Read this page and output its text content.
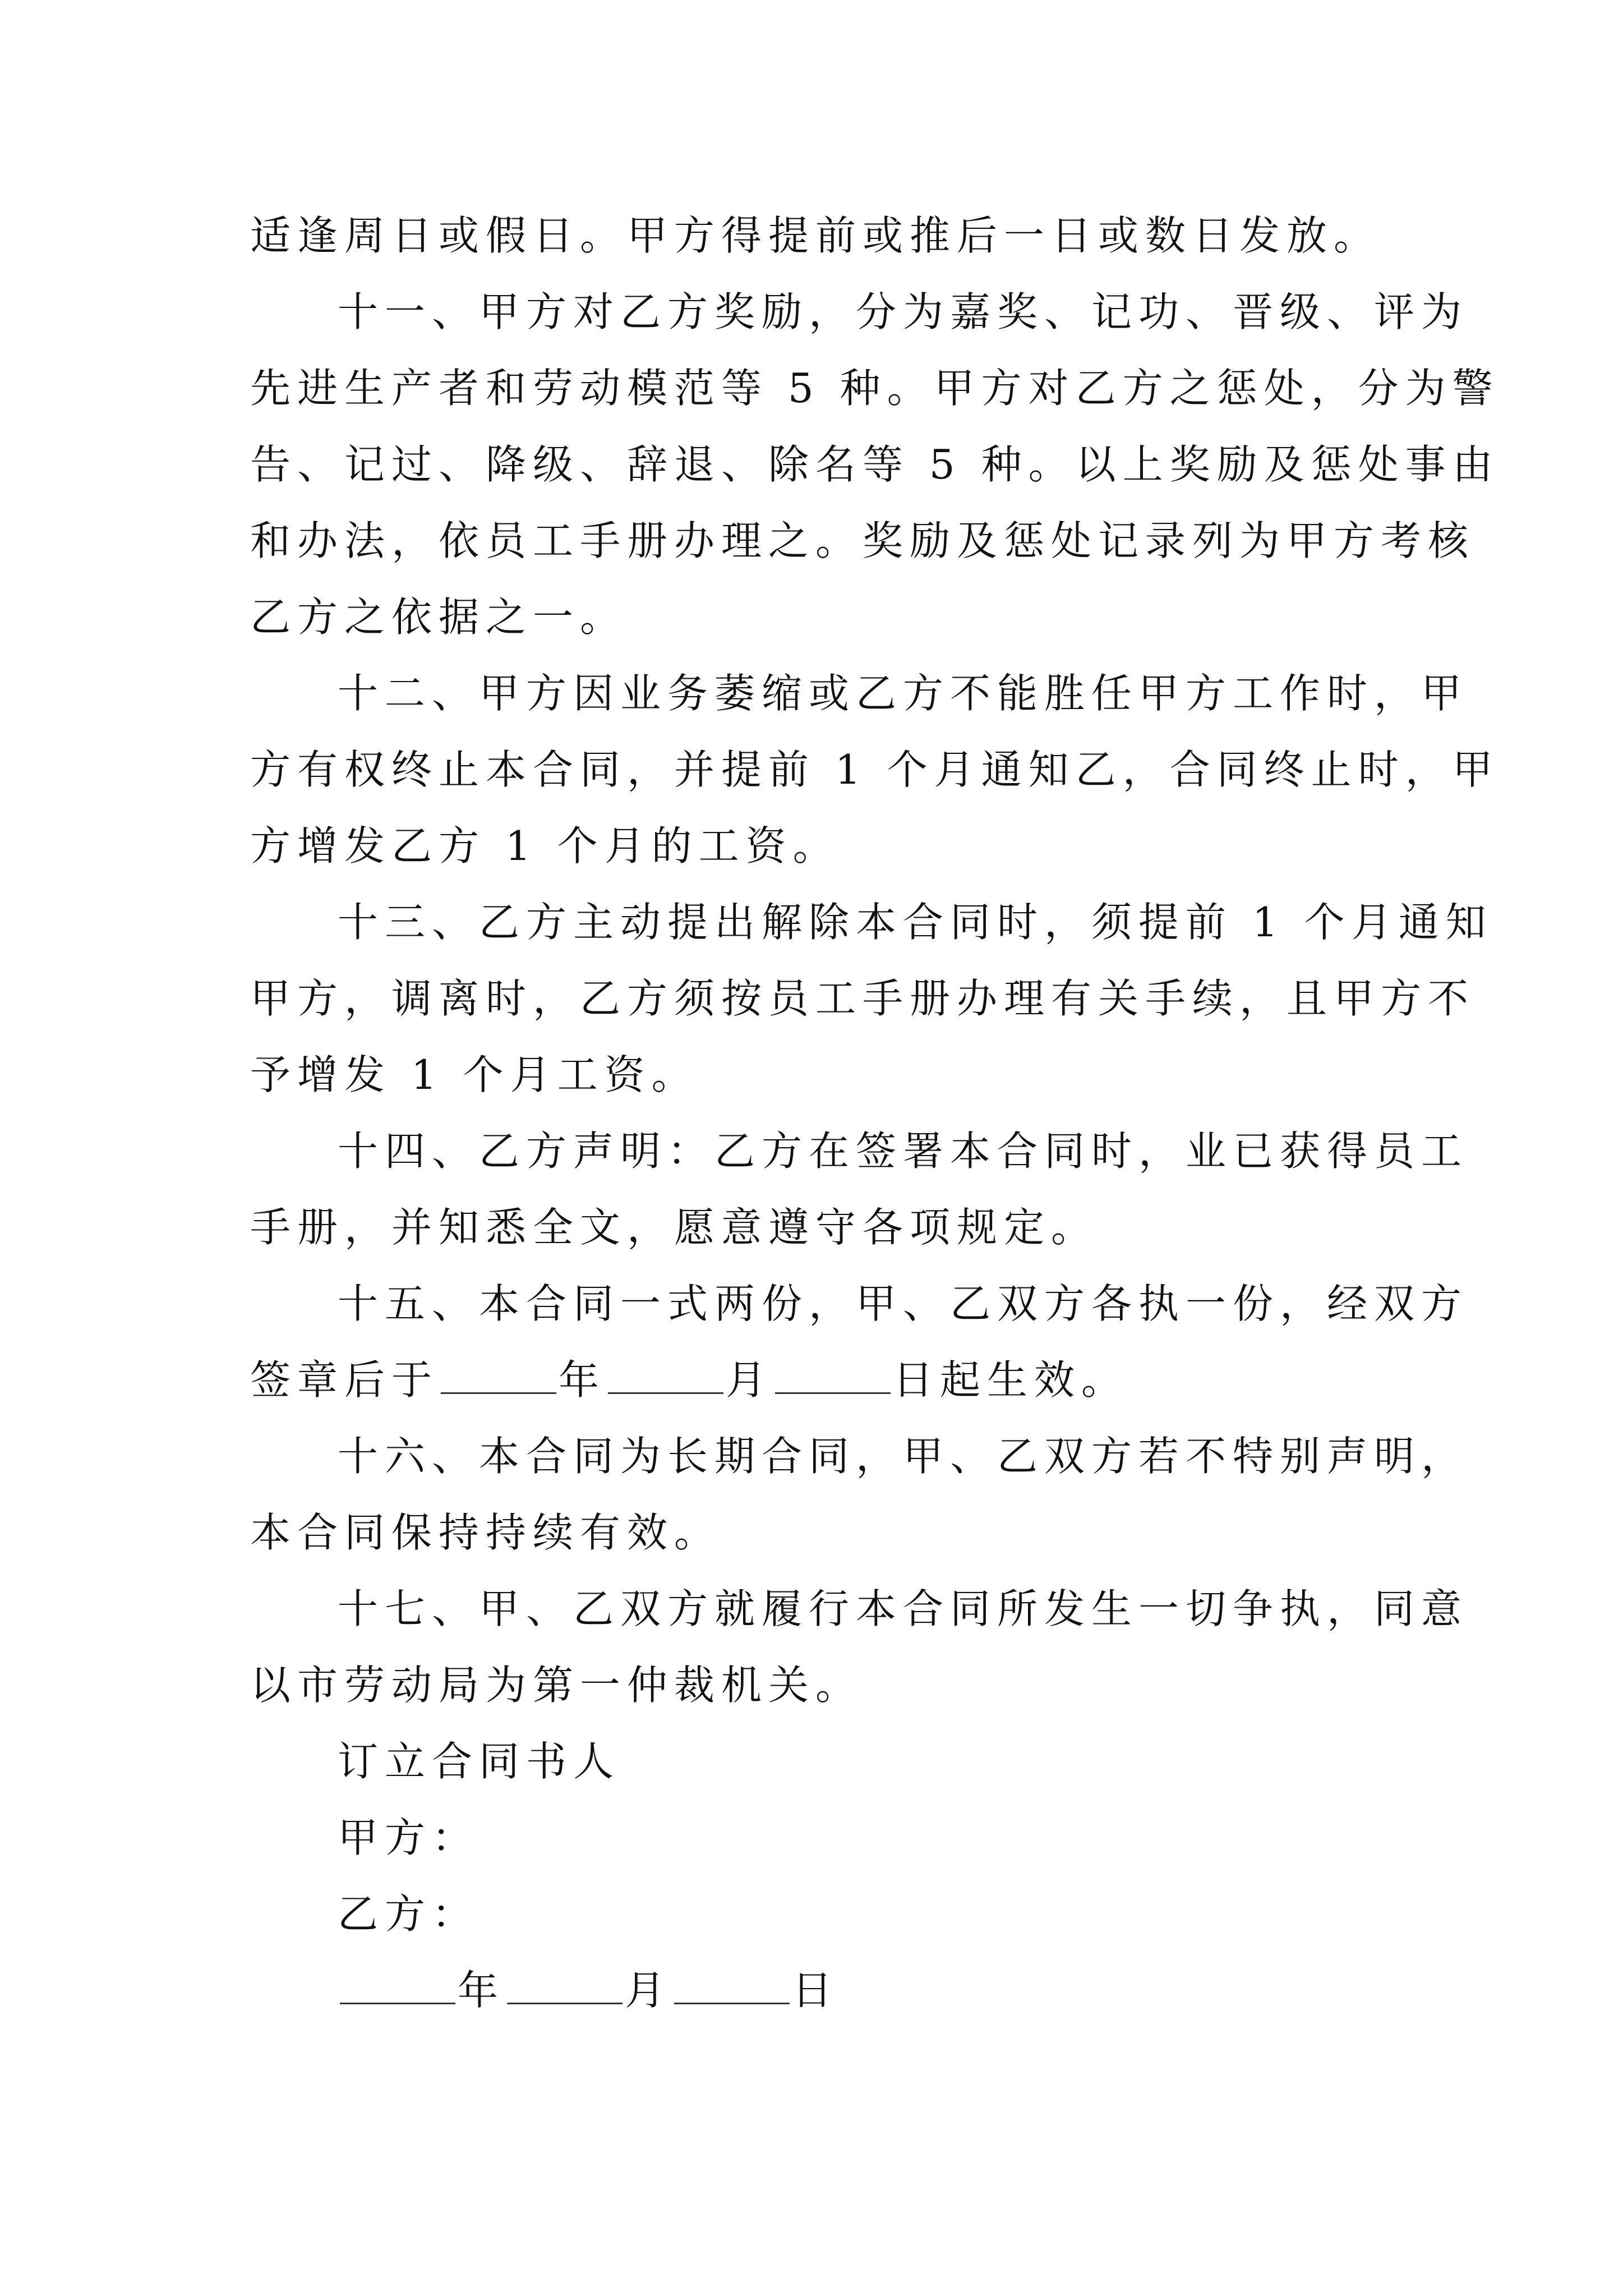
适逢周日或假日。甲方得提前或推后一日或数日发放。
十一、甲方对乙方奖励，分为嘉奖、记功、晋级、评为
先进生产者和劳动模范等 5 种。甲方对乙方之惩处，分为警
告、记过、降级、辞退、除名等 5 种。以上奖励及惩处事由
和办法，依员工手册办理之。奖励及惩处记录列为甲方考核
乙方之依据之一。
十二、甲方因业务萎缩或乙方不能胜任甲方工作时，甲
方有权终止本合同，并提前 1 个月通知乙，合同终止时，甲
方增发乙方 1 个月的工资。
十三、乙方主动提出解除本合同时，须提前 1 个月通知
甲方，调离时，乙方须按员工手册办理有关手续，且甲方不
予增发 1 个月工资。
十四、乙方声明：乙方在签署本合同时，业已获得员工
手册，并知悉全文，愿意遵守各项规定。
十五、本合同一式两份，甲、乙双方各执一份，经双方
签章后于	年	月	日起生效。
十六、本合同为长期合同，甲、乙双方若不特别声明，
本合同保持持续有效。
十七、甲、乙双方就履行本合同所发生一切争执，同意
以市劳动局为第一仲裁机关。
订立合同书人
甲方：
乙方：
年	月	日
